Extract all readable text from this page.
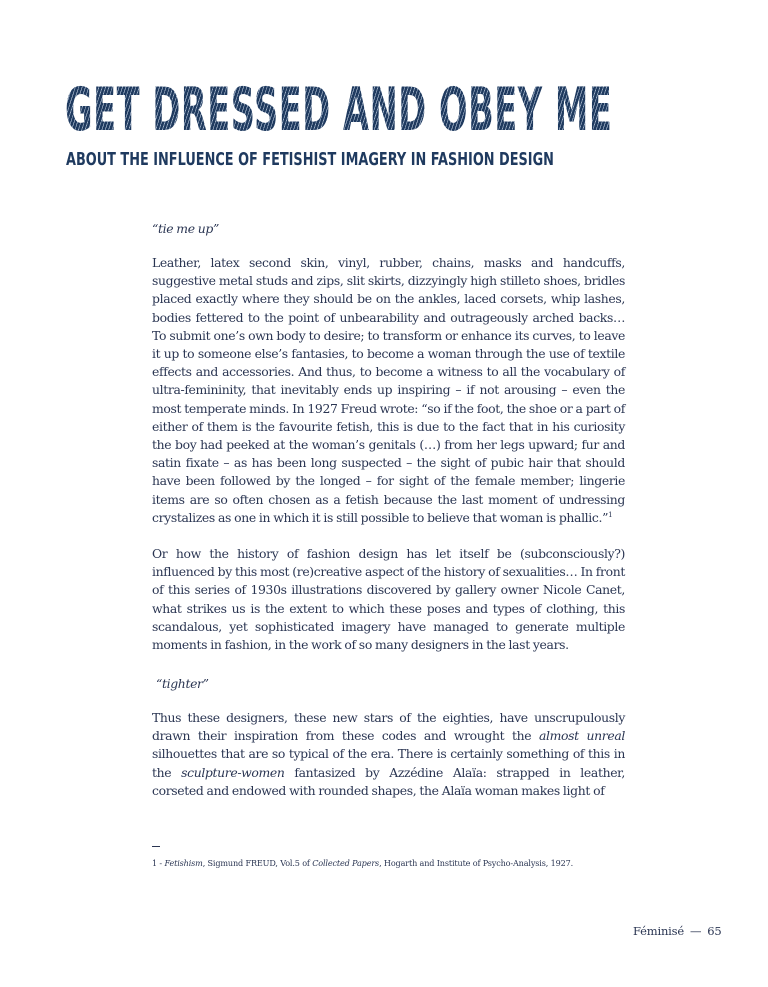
GET DRESSED AND OBEY ME
ABOUT THE INFLUENCE OF FETISHIST IMAGERY IN FASHION DESIGN

“tie me up”

Leather, latex second skin, vinyl, rubber, chains, masks and handcuffs, suggestive metal studs and zips, slit skirts, dizzyingly high stilleto shoes, bridles placed exactly where they should be on the ankles, laced corsets, whip lashes, bodies fettered to the point of unbearability and outrageously arched backs… To submit one’s own body to desire; to transform or enhance its curves, to leave it up to someone else’s fantasies, to become a woman through the use of textile effects and accessories. And thus, to become a witness to all the vocabulary of ultra-femininity, that inevitably ends up inspiring – if not arousing – even the most temperate minds. In 1927 Freud wrote: “so if the foot, the shoe or a part of either of them is the favourite fetish, this is due to the fact that in his curiosity the boy had peeked at the woman’s genitals (…) from her legs upward; fur and satin fixate – as has been long suspected – the sight of pubic hair that should have been followed by the longed – for sight of the female member; lingerie items are so often chosen as a fetish because the last moment of undressing crystalizes as one in which it is still possible to believe that woman is phallic.”$^1$

Or how the history of fashion design has let itself be (subconsciously?) influenced by this most (re)creative aspect of the history of sexualities… In front of this series of 1930s illustrations discovered by gallery owner Nicole Canet, what strikes us is the extent to which these poses and types of clothing, this scandalous, yet sophisticated imagery have managed to generate multiple moments in fashion, in the work of so many designers in the last years.

“tighter”

Thus these designers, these new stars of the eighties, have unscrupulously drawn their inspiration from these codes and wrought the almost unreal silhouettes that are so typical of the era. There is certainly something of this in the sculpture-women fantasized by Azzédine Alaïa: strapped in leather, corseted and endowed with rounded shapes, the Alaïa woman makes light of

1 - Fetishism, Sigmund FREUD, Vol.5 of Collected Papers, Hogarth and Institute of Psycho-Analysis, 1927.
Féminisé — 65
